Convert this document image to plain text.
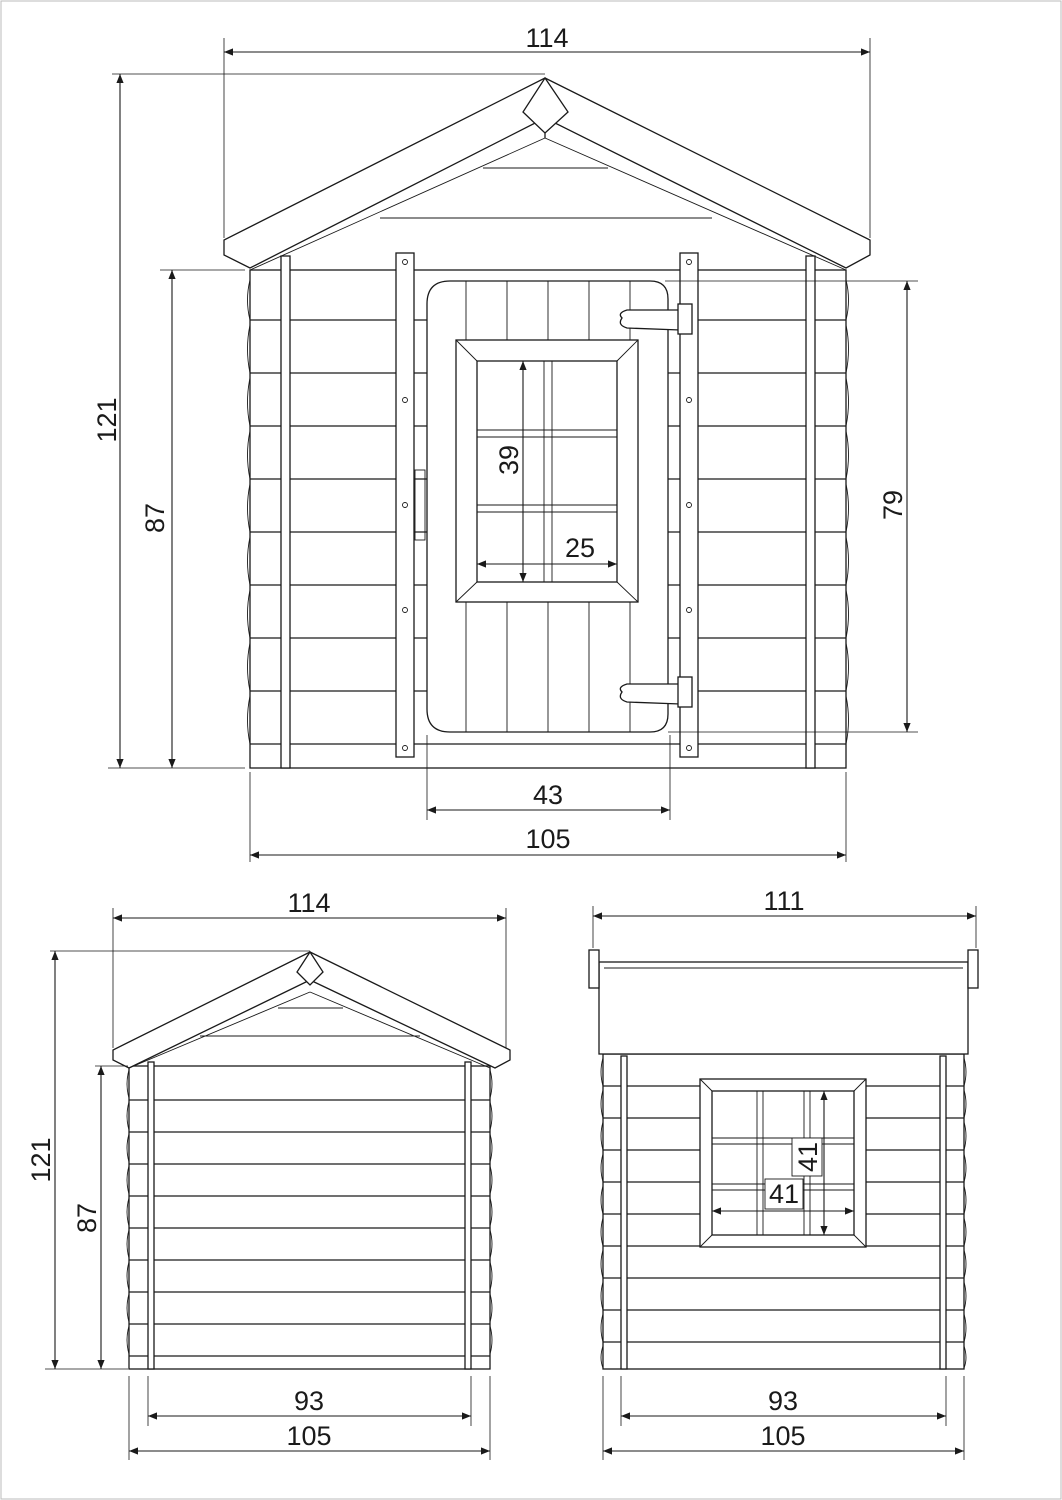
114
121
87	79
39
25
43
105
114
121
87
93
105
111
41
41
93
105
